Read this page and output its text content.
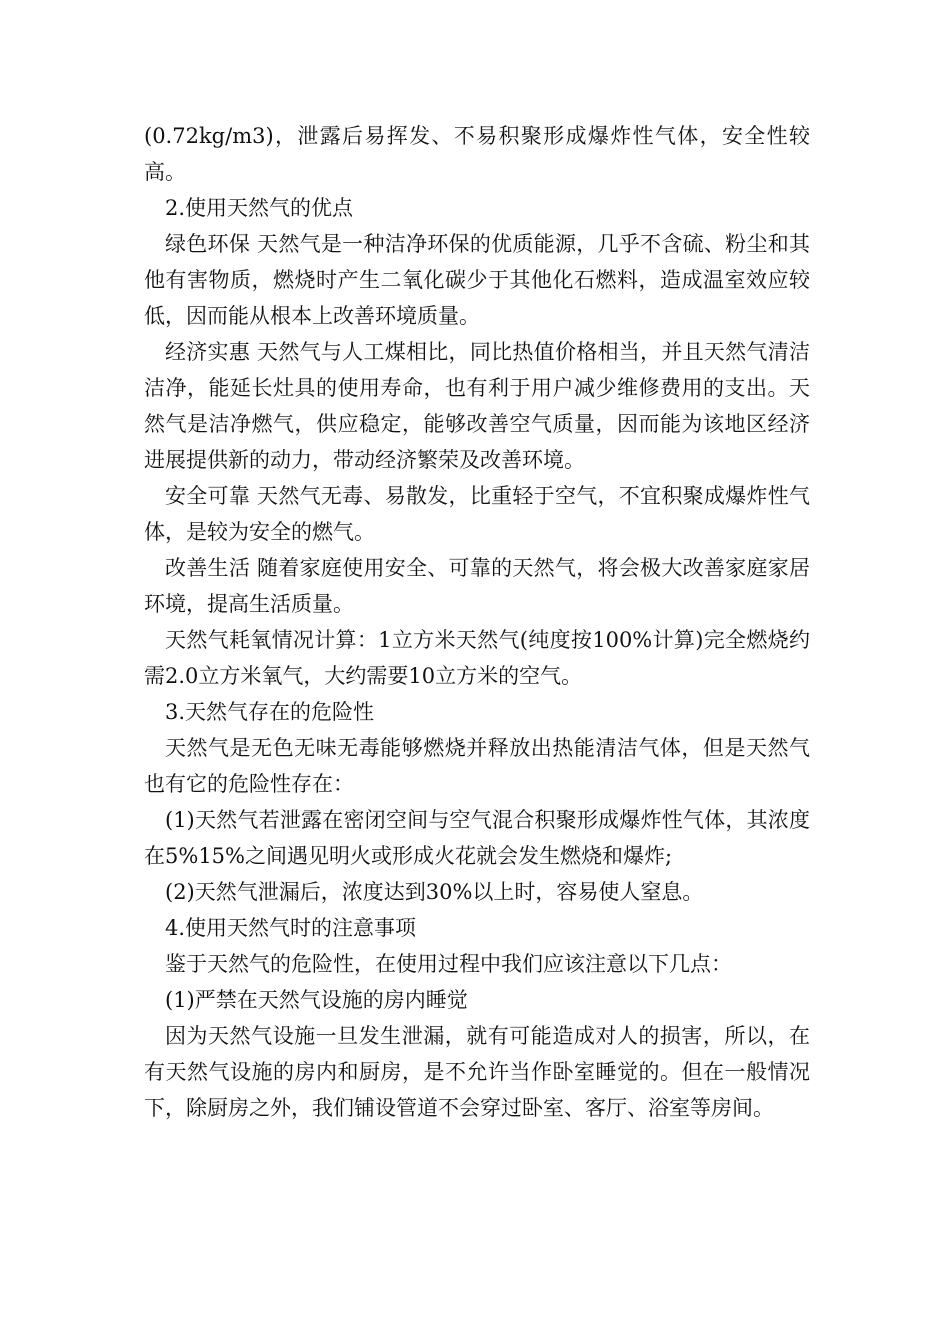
(0.72kg/m3)，泄露后易挥发、不易积聚形成爆炸性气体，安全性较高。

2.使用天然气的优点

绿色环保 天然气是一种洁净环保的优质能源，几乎不含硫、粉尘和其他有害物质，燃烧时产生二氧化碳少于其他化石燃料，造成温室效应较低，因而能从根本上改善环境质量。

经济实惠 天然气与人工煤相比，同比热值价格相当，并且天然气清洁洁净，能延长灶具的使用寿命，也有利于用户减少维修费用的支出。天然气是洁净燃气，供应稳定，能够改善空气质量，因而能为该地区经济进展提供新的动力，带动经济繁荣及改善环境。

安全可靠 天然气无毒、易散发，比重轻于空气，不宜积聚成爆炸性气体，是较为安全的燃气。

改善生活 随着家庭使用安全、可靠的天然气，将会极大改善家庭家居环境，提高生活质量。

天然气耗氧情况计算：1立方米天然气(纯度按100%计算)完全燃烧约需2.0立方米氧气，大约需要10立方米的空气。

3.天然气存在的危险性

天然气是无色无味无毒能够燃烧并释放出热能清洁气体，但是天然气也有它的危险性存在：

(1)天然气若泄露在密闭空间与空气混合积聚形成爆炸性气体，其浓度在5%15%之间遇见明火或形成火花就会发生燃烧和爆炸;

(2)天然气泄漏后，浓度达到30%以上时，容易使人窒息。

4.使用天然气时的注意事项

鉴于天然气的危险性，在使用过程中我们应该注意以下几点：

(1)严禁在天然气设施的房内睡觉

因为天然气设施一旦发生泄漏，就有可能造成对人的损害，所以，在有天然气设施的房内和厨房，是不允许当作卧室睡觉的。但在一般情况下，除厨房之外，我们铺设管道不会穿过卧室、客厅、浴室等房间。
